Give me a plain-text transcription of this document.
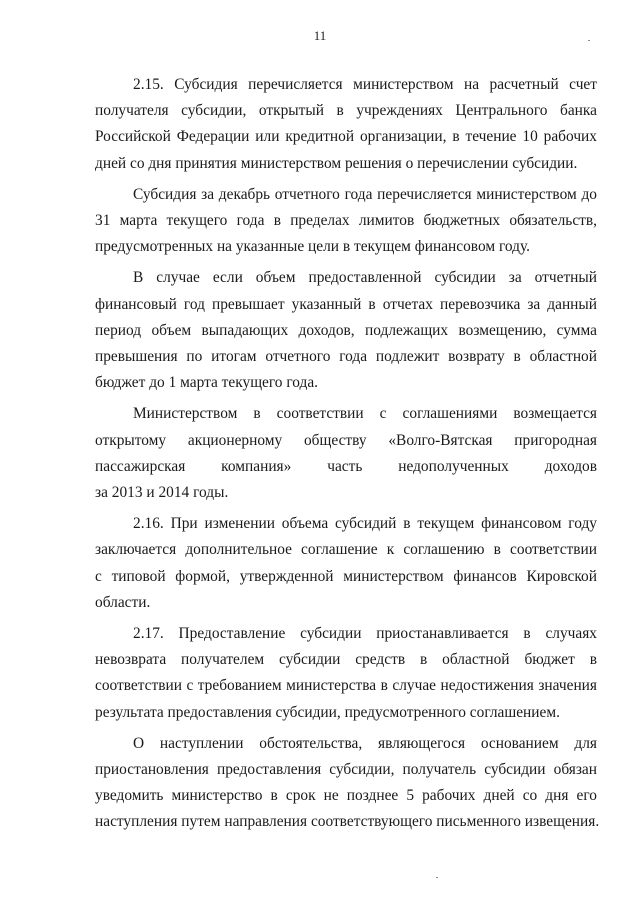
11

2.15. Субсидия перечисляется министерством на расчетный счет
получателя субсидии, открытый в учреждениях Центрального банка
Российской Федерации или кредитной организации, в течение 10 рабочих
дней со дня принятия министерством решения о перечислении субсидии.

Субсидия за декабрь отчетного года перечисляется министерством до
31 марта текущего года в пределах лимитов бюджетных обязательств,
предусмотренных на указанные цели в текущем финансовом году.

В случае если объем предоставленной субсидии за отчетный
финансовый год превышает указанный в отчетах перевозчика за данный
период объем выпадающих доходов, подлежащих возмещению, сумма
превышения по итогам отчетного года подлежит возврату в областной
бюджет до 1 марта текущего года.

Министерством в соответствии с соглашениями возмещается
открытому акционерному обществу «Волго-Вятская пригородная
пассажирская компания» часть недополученных доходов
за 2013 и 2014 годы.

2.16. При изменении объема субсидий в текущем финансовом году
заключается дополнительное соглашение к соглашению в соответствии
с типовой формой, утвержденной министерством финансов Кировской
области.

2.17. Предоставление субсидии приостанавливается в случаях
невозврата получателем субсидии средств в областной бюджет в
соответствии с требованием министерства в случае недостижения значения
результата предоставления субсидии, предусмотренного соглашением.

О наступлении обстоятельства, являющегося основанием для
приостановления предоставления субсидии, получатель субсидии обязан
уведомить министерство в срок не позднее 5 рабочих дней со дня его
наступления путем направления соответствующего письменного извещения.
